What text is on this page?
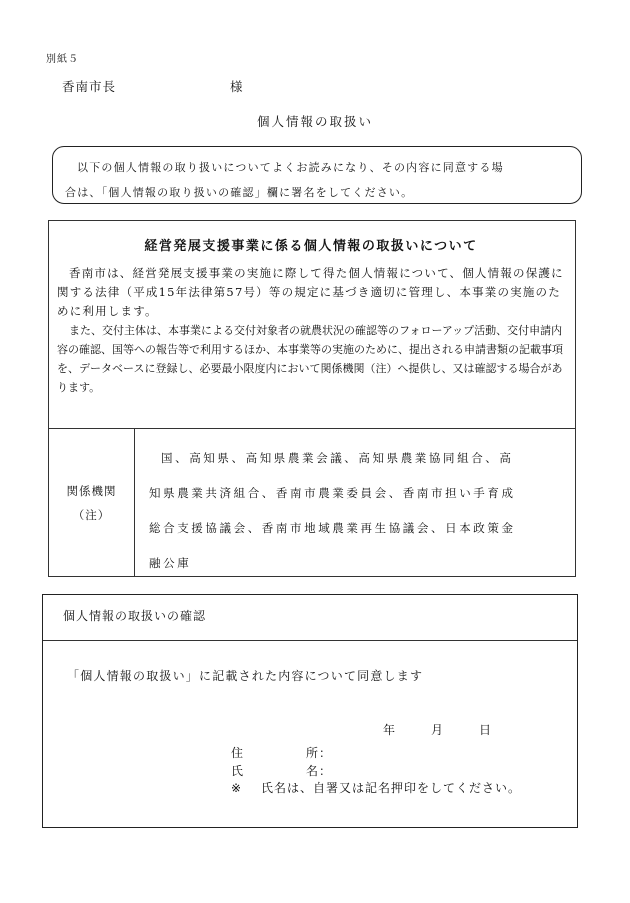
別紙５
香南市長	様
個人情報の取扱い
以下の個人情報の取り扱いについてよくお読みになり、その内容に同意する場
合は、「個人情報の取り扱いの確認」欄に署名をしてください。
経営発展支援事業に係る個人情報の取扱いについて
香南市は、経営発展支援事業の実施に際して得た個人情報について、個人情報の保護に関する法律（平成15年法律第57号）等の規定に基づき適切に管理し、本事業の実施のために利用します。
また、交付主体は、本事業による交付対象者の就農状況の確認等のフォローアップ活動、交付申請内容の確認、国等への報告等で利用するほか、本事業等の実施のために、提出される申請書類の記載事項を、データベースに登録し、必要最小限度内において関係機関（注）へ提供し、又は確認する場合があります。
関係機関
（注）
国、高知県、高知県農業会議、高知県農業協同組合、高
知県農業共済組合、香南市農業委員会、香南市担い手育成
総合支援協議会、香南市地域農業再生協議会、日本政策金
融公庫
個人情報の取扱いの確認
「個人情報の取扱い」に記載された内容について同意します
年	月	日
住所：
氏名：
※ 氏名は、自署又は記名押印をしてください。
